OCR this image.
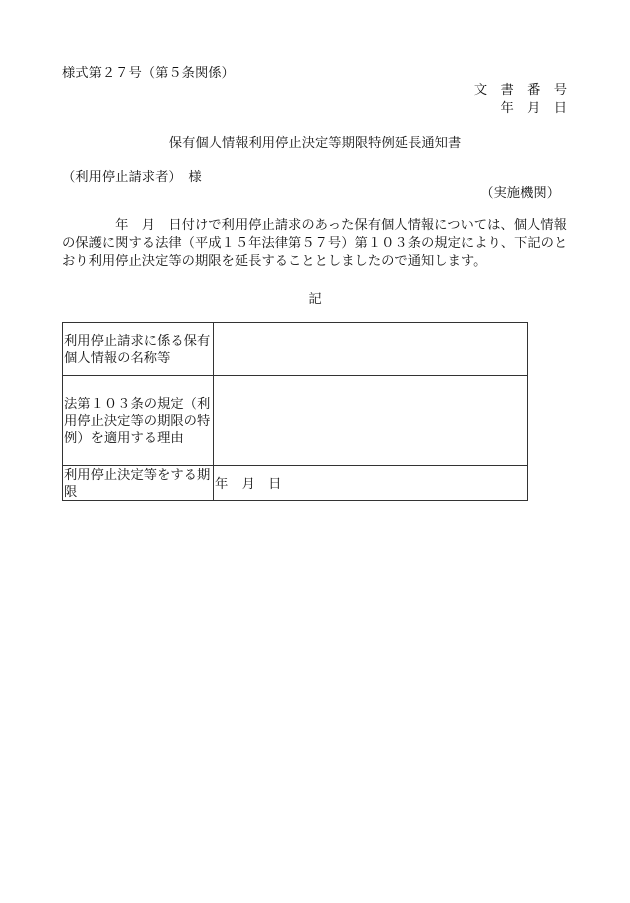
様式第２７号（第５条関係）
文　書　番　号
年　月　日
保有個人情報利用停止決定等期限特例延長通知書
（利用停止請求者）　様
（実施機関）
　　　　年　月　日付けで利用停止請求のあった保有個人情報については、個人情報
の保護に関する法律（平成１５年法律第５７号）第１０３条の規定により、下記のと
おり利用停止決定等の期限を延長することとしましたので通知します。
記
利用停止請求に係る保有
個人情報の名称等	

法第１０３条の規定（利
用停止決定等の期限の特
例）を適用する理由	

利用停止決定等をする期
限	年　月　日
